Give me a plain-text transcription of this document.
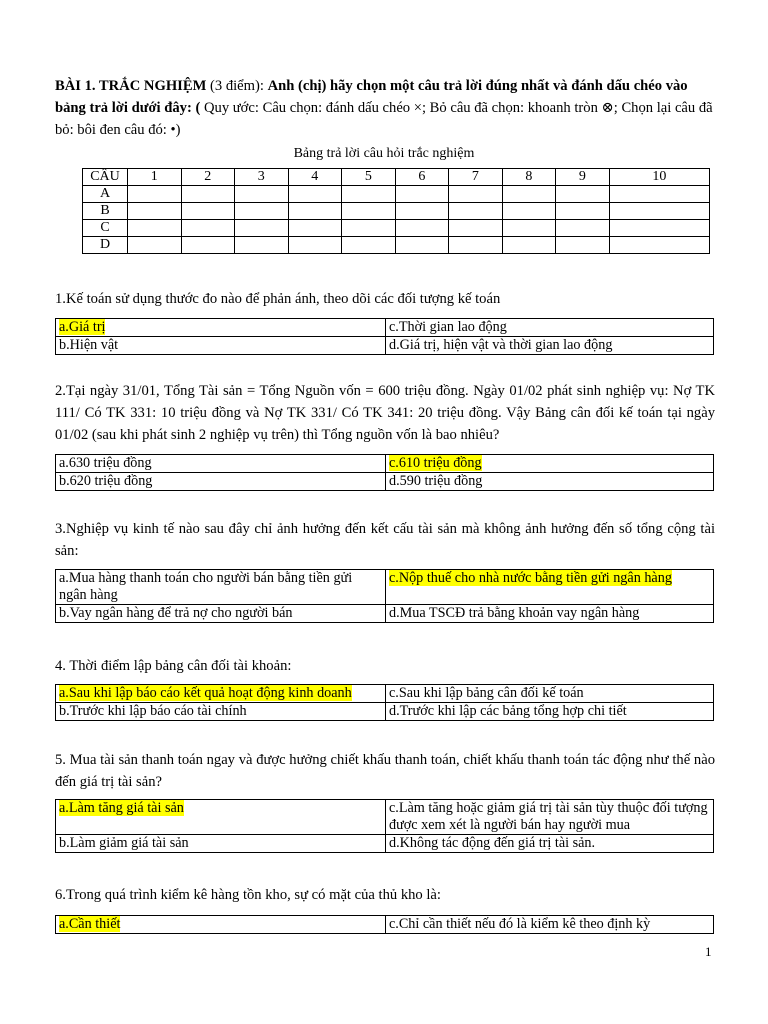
BÀI 1. TRẮC NGHIỆM (3 điểm): Anh (chị) hãy chọn một câu trả lời đúng nhất và đánh dấu chéo vào bảng trả lời dưới đây: ( Quy ước: Câu chọn: đánh dấu chéo ×; Bỏ câu đã chọn: khoanh tròn ⊗; Chọn lại câu đã bỏ: bôi đen câu đó: •)
Bảng trả lời câu hỏi trắc nghiệm
CÂU	1	2	3	4	5	6	7	8	9	10
A										
B										
C										
D										
1.Kế toán sử dụng thước đo nào để phản ánh, theo dõi các đối tượng kế toán
a.Giá trị	c.Thời gian lao động
b.Hiện vật	d.Giá trị, hiện vật và thời gian lao động
2.Tại ngày 31/01, Tổng Tài sản = Tổng Nguồn vốn = 600 triệu đồng. Ngày 01/02 phát sinh nghiệp vụ: Nợ TK 111/ Có TK 331: 10 triệu đồng và Nợ TK 331/ Có TK 341: 20 triệu đồng. Vậy Bảng cân đối kế toán tại ngày 01/02 (sau khi phát sinh 2 nghiệp vụ trên) thì Tổng nguồn vốn là bao nhiêu?
a.630 triệu đồng	c.610 triệu đồng
b.620 triệu đồng	d.590 triệu đồng
3.Nghiệp vụ kinh tế nào sau đây chỉ ảnh hưởng đến kết cấu tài sản mà không ảnh hưởng đến số tổng cộng tài sản:
a.Mua hàng thanh toán cho người bán bằng tiền gửi ngân hàng	c.Nộp thuế cho nhà nước bằng tiền gửi ngân hàng
b.Vay ngân hàng để trả nợ cho người bán	d.Mua TSCĐ trả bằng khoản vay ngân hàng
4. Thời điểm lập bảng cân đối tài khoản:
a.Sau khi lập báo cáo kết quả hoạt động kinh doanh	c.Sau khi lập bảng cân đối kế toán
b.Trước khi lập báo cáo tài chính	d.Trước khi lập các bảng tổng hợp chi tiết
5. Mua tài sản thanh toán ngay và được hưởng chiết khấu thanh toán, chiết khấu thanh toán tác động như thế nào đến giá trị tài sản?
a.Làm tăng giá tài sản	c.Làm tăng hoặc giảm giá trị tài sản tùy thuộc đối tượng được xem xét là người bán hay người mua
b.Làm giảm giá tài sản	d.Không tác động đến giá trị tài sản.
6.Trong quá trình kiểm kê hàng tồn kho, sự có mặt của thủ kho là:
a.Cần thiết	c.Chỉ cần thiết nếu đó là kiểm kê theo định kỳ
1
